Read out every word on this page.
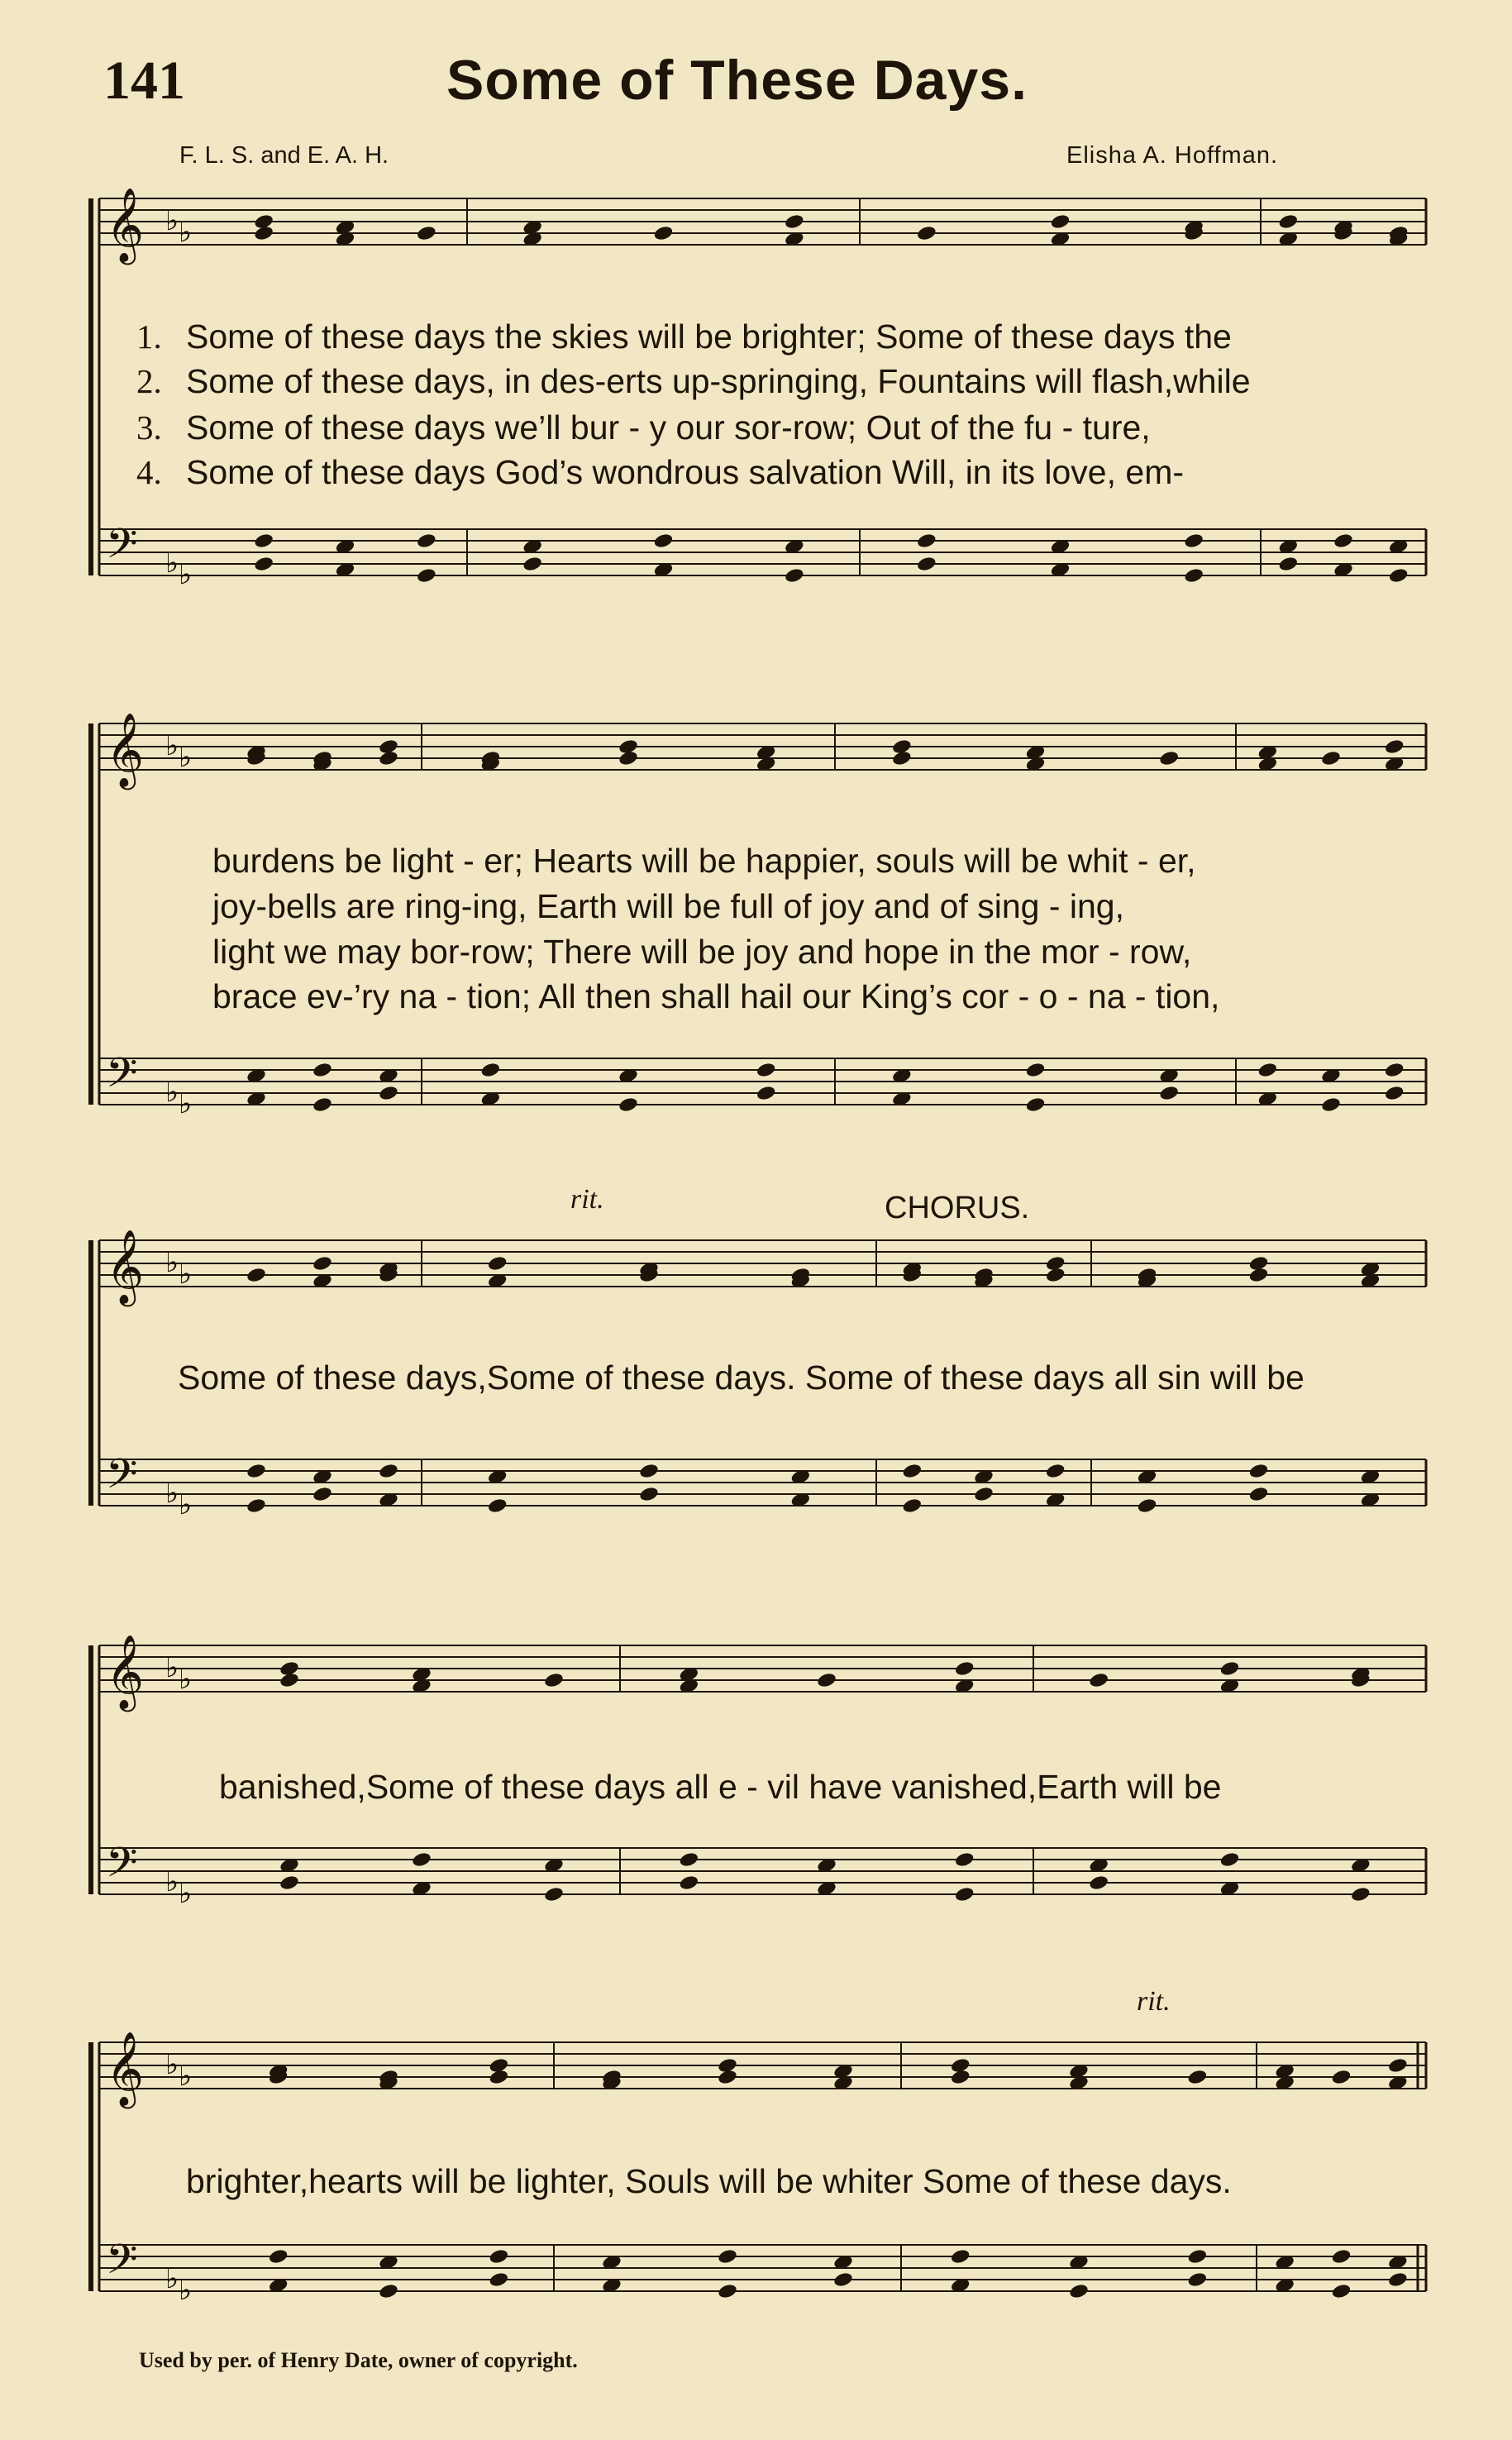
141	Some of These Days.
F. L. S. and E. A. H.	Elisha A. Hoffman.
𝄞
𝄢
♭ ♭
♭ ♭
𝄞
𝄢
♭ ♭
♭ ♭
𝄞
𝄢
♭ ♭
♭ ♭
𝄞
𝄢
♭ ♭
♭ ♭
𝄞
𝄢
♭ ♭
♭ ♭
1. Some of these days the skies will be brighter; Some of these days the
2. Some of these days, in des-erts up-springing, Fountains will flash,while
3. Some of these days we’ll bur - y our sor-row; Out of the fu - ture,
4. Some of these days God’s wondrous salvation Will, in its love, em-
burdens be light - er; Hearts will be happier, souls will be whit - er,
joy-bells are ring-ing, Earth will be full of joy and of sing - ing,
light we may bor-row; There will be joy and hope in the mor - row,
brace ev-’ry na - tion; All then shall hail our King’s cor - o - na - tion,
rit.	CHORUS.
rit.
Some of these days,Some of these days. Some of these days all sin will be
banished,Some of these days all e - vil have vanished,Earth will be
brighter,hearts will be lighter, Souls will be whiter Some of these days.
Used by per. of Henry Date, owner of copyright.
